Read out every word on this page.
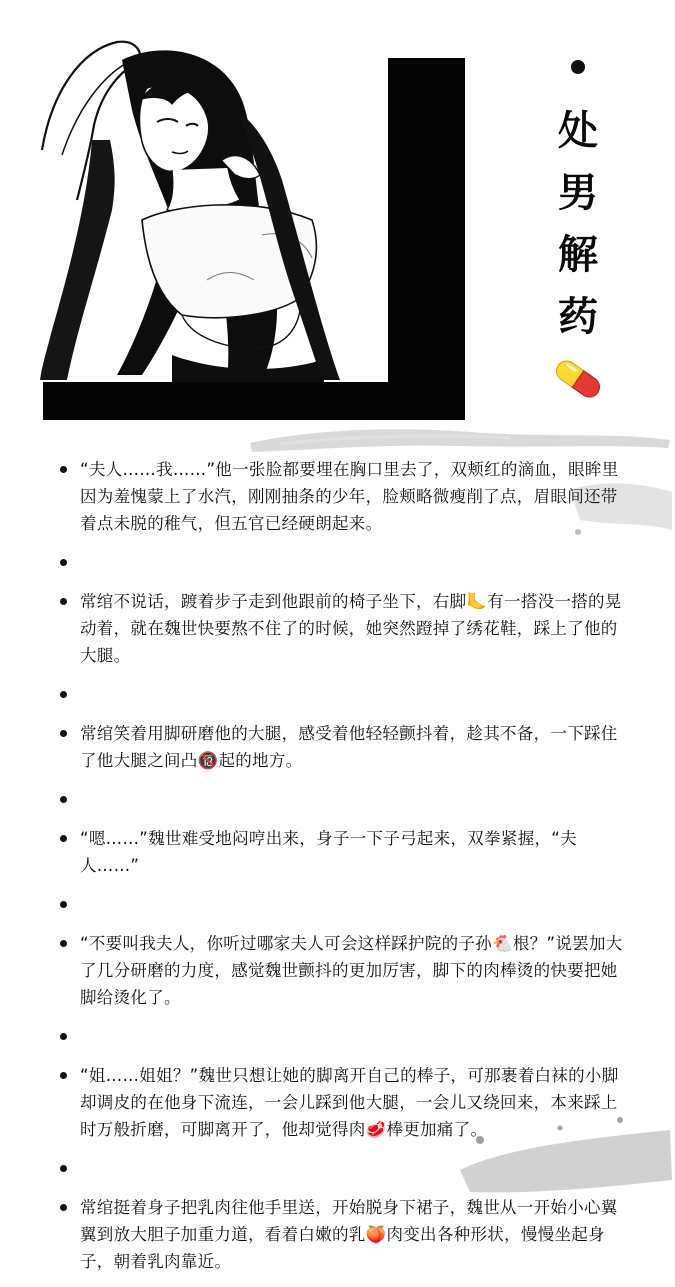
处
男
解
药

“夫人……我……”他一张脸都要埋在胸口里去了，双颊红的滴血，眼眸里因为羞愧蒙上了水汽，刚刚抽条的少年，脸颊略微瘦削了点，眉眼间还带着点未脱的稚气，但五官已经硬朗起来。

常绾不说话，踱着步子走到他跟前的椅子坐下，右脚🦶有一搭没一搭的晃动着，就在魏世快要熬不住了的时候，她突然蹬掉了绣花鞋，踩上了他的大腿。

常绾笑着用脚研磨他的大腿，感受着他轻轻颤抖着，趁其不备，一下踩住了他大腿之间凸🔞起的地方。

“嗯……”魏世难受地闷哼出来，身子一下子弓起来，双拳紧握，“夫人……”

“不要叫我夫人，你听过哪家夫人可会这样踩护院的子孙🐔根？”说罢加大了几分研磨的力度，感觉魏世颤抖的更加厉害，脚下的肉棒烫的快要把她脚给烫化了。

“姐……姐姐？”魏世只想让她的脚离开自己的棒子，可那裹着白袜的小脚却调皮的在他身下流连，一会儿踩到他大腿，一会儿又绕回来，本来踩上时万般折磨，可脚离开了，他却觉得肉🥩棒更加痛了。

常绾挺着身子把乳肉往他手里送，开始脱身下裙子，魏世从一开始小心翼翼到放大胆子加重力道，看着白嫩的乳🍑肉变出各种形状，慢慢坐起身子，朝着乳肉靠近。
